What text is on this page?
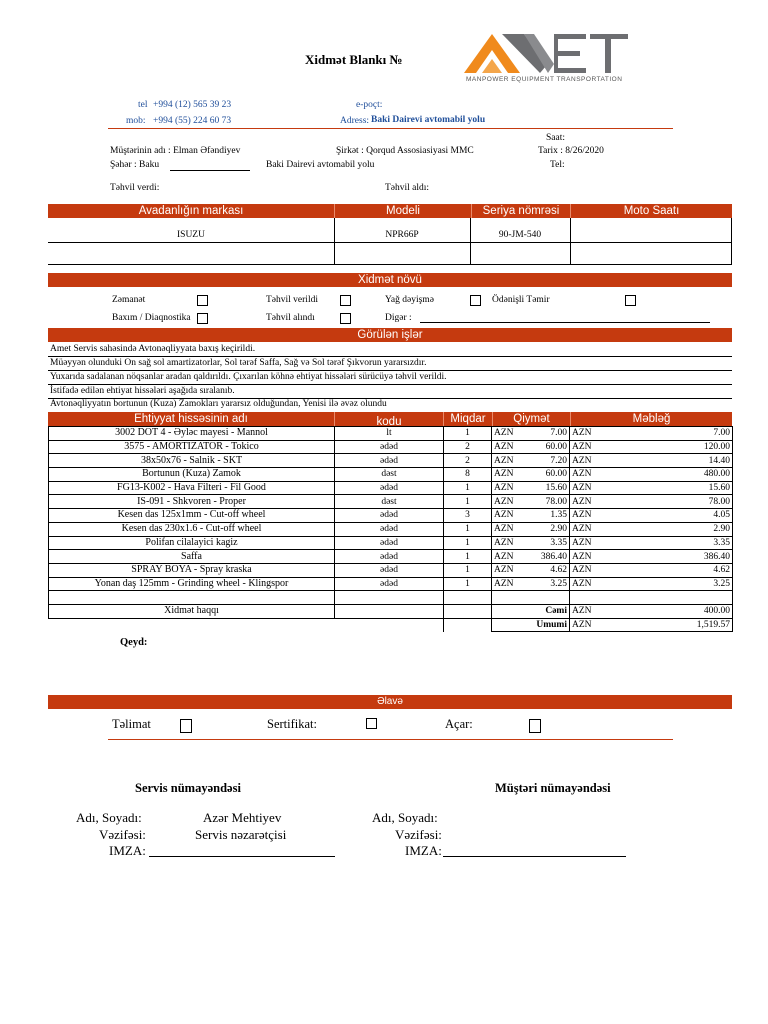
Xidmət Blankı №
MANPOWER EQUIPMENT TRANSPORTATION
tel +994 (12) 565 39 23
mob: +994 (55) 224 60 73
e-poçt:
Adress: Baki Dairevi avtomabil yolu
Saat:
Müştərinin adı : Elman Əfəndiyev	Şirkət : Qorqud Assosiasiyasi MMC	Tarix : 8/26/2020
Şəhər : Baku	Baki Dairevi avtomabil yolu	Tel:
Təhvil verdi:	Təhvil aldı:
Avadanlığın markası	Modeli	Seriya nömrəsi	Moto Saatı
ISUZU	NPR66P	90-JM-540
Xidmət növü
Zəmanət	Təhvil verildi	Yağ dəyişmə	Ödənişli Təmir
Baxım / Diaqnostika	Təhvil alındı	Digər :
Görülən işlər
Amet Servis sahəsində Avtonəqliyyata baxış keçirildi.
Müəyyən olunduki On sağ sol amartizatorlar, Sol tərəf Saffa, Sağ və Sol tərəf Şıkvorun yararsızdır.
Yuxarıda sadalanan nöqsanlar aradan qaldırıldı. Çıxarılan köhnə ehtiyat hissələri sürücüyə təhvil verildi.
İstifadə edilən ehtiyat hissələri aşağıda sıralanıb.
Avtonəqliyyatın bortunun (Kuza) Zamokları yararsız olduğundan, Yenisi ilə əvəz olundu
Ehtiyyat hissəsinin adı	kodu	Miqdar	Qiymət	Məbləğ
3002 DOT 4 - Əyləc mayesi - Mannol	lt	1	AZN	7.00	AZN	7.00
3575 - AMORTIZATOR - Tokico	ədəd	2	AZN	60.00	AZN	120.00
38x50x76 - Salnik - SKT	ədəd	2	AZN	7.20	AZN	14.40
Bortunun (Kuza) Zamok	dəst	8	AZN	60.00	AZN	480.00
FG13-K002 - Hava Filteri - Fil Good	ədəd	1	AZN	15.60	AZN	15.60
IS-091 - Shkvoren - Proper	dəst	1	AZN	78.00	AZN	78.00
Kesen das 125x1mm - Cut-off wheel	ədəd	3	AZN	1.35	AZN	4.05
Kesen das 230x1.6 - Cut-off wheel	ədəd	1	AZN	2.90	AZN	2.90
Polifan cilalayici kagiz	ədəd	1	AZN	3.35	AZN	3.35
Saffa	ədəd	1	AZN	386.40	AZN	386.40
SPRAY BOYA - Spray kraska	ədəd	1	AZN	4.62	AZN	4.62
Yonan daş 125mm - Grinding wheel - Klingspor	ədəd	1	AZN	3.25	AZN	3.25

Xidmət haqqı			Cəmi		AZN	400.00
			Umumi		AZN	1,519.57
Qeyd:
Əlavə
Təlimat	Sertifikat:	Açar:
Servis nümayəndəsi	Müştəri nümayəndəsi
Adı, Soyadı:	Azər Mehtiyev
Vəzifəsi:	Servis nəzarətçisi
IMZA:
Adı, Soyadı:
Vəzifəsi:
IMZA:
